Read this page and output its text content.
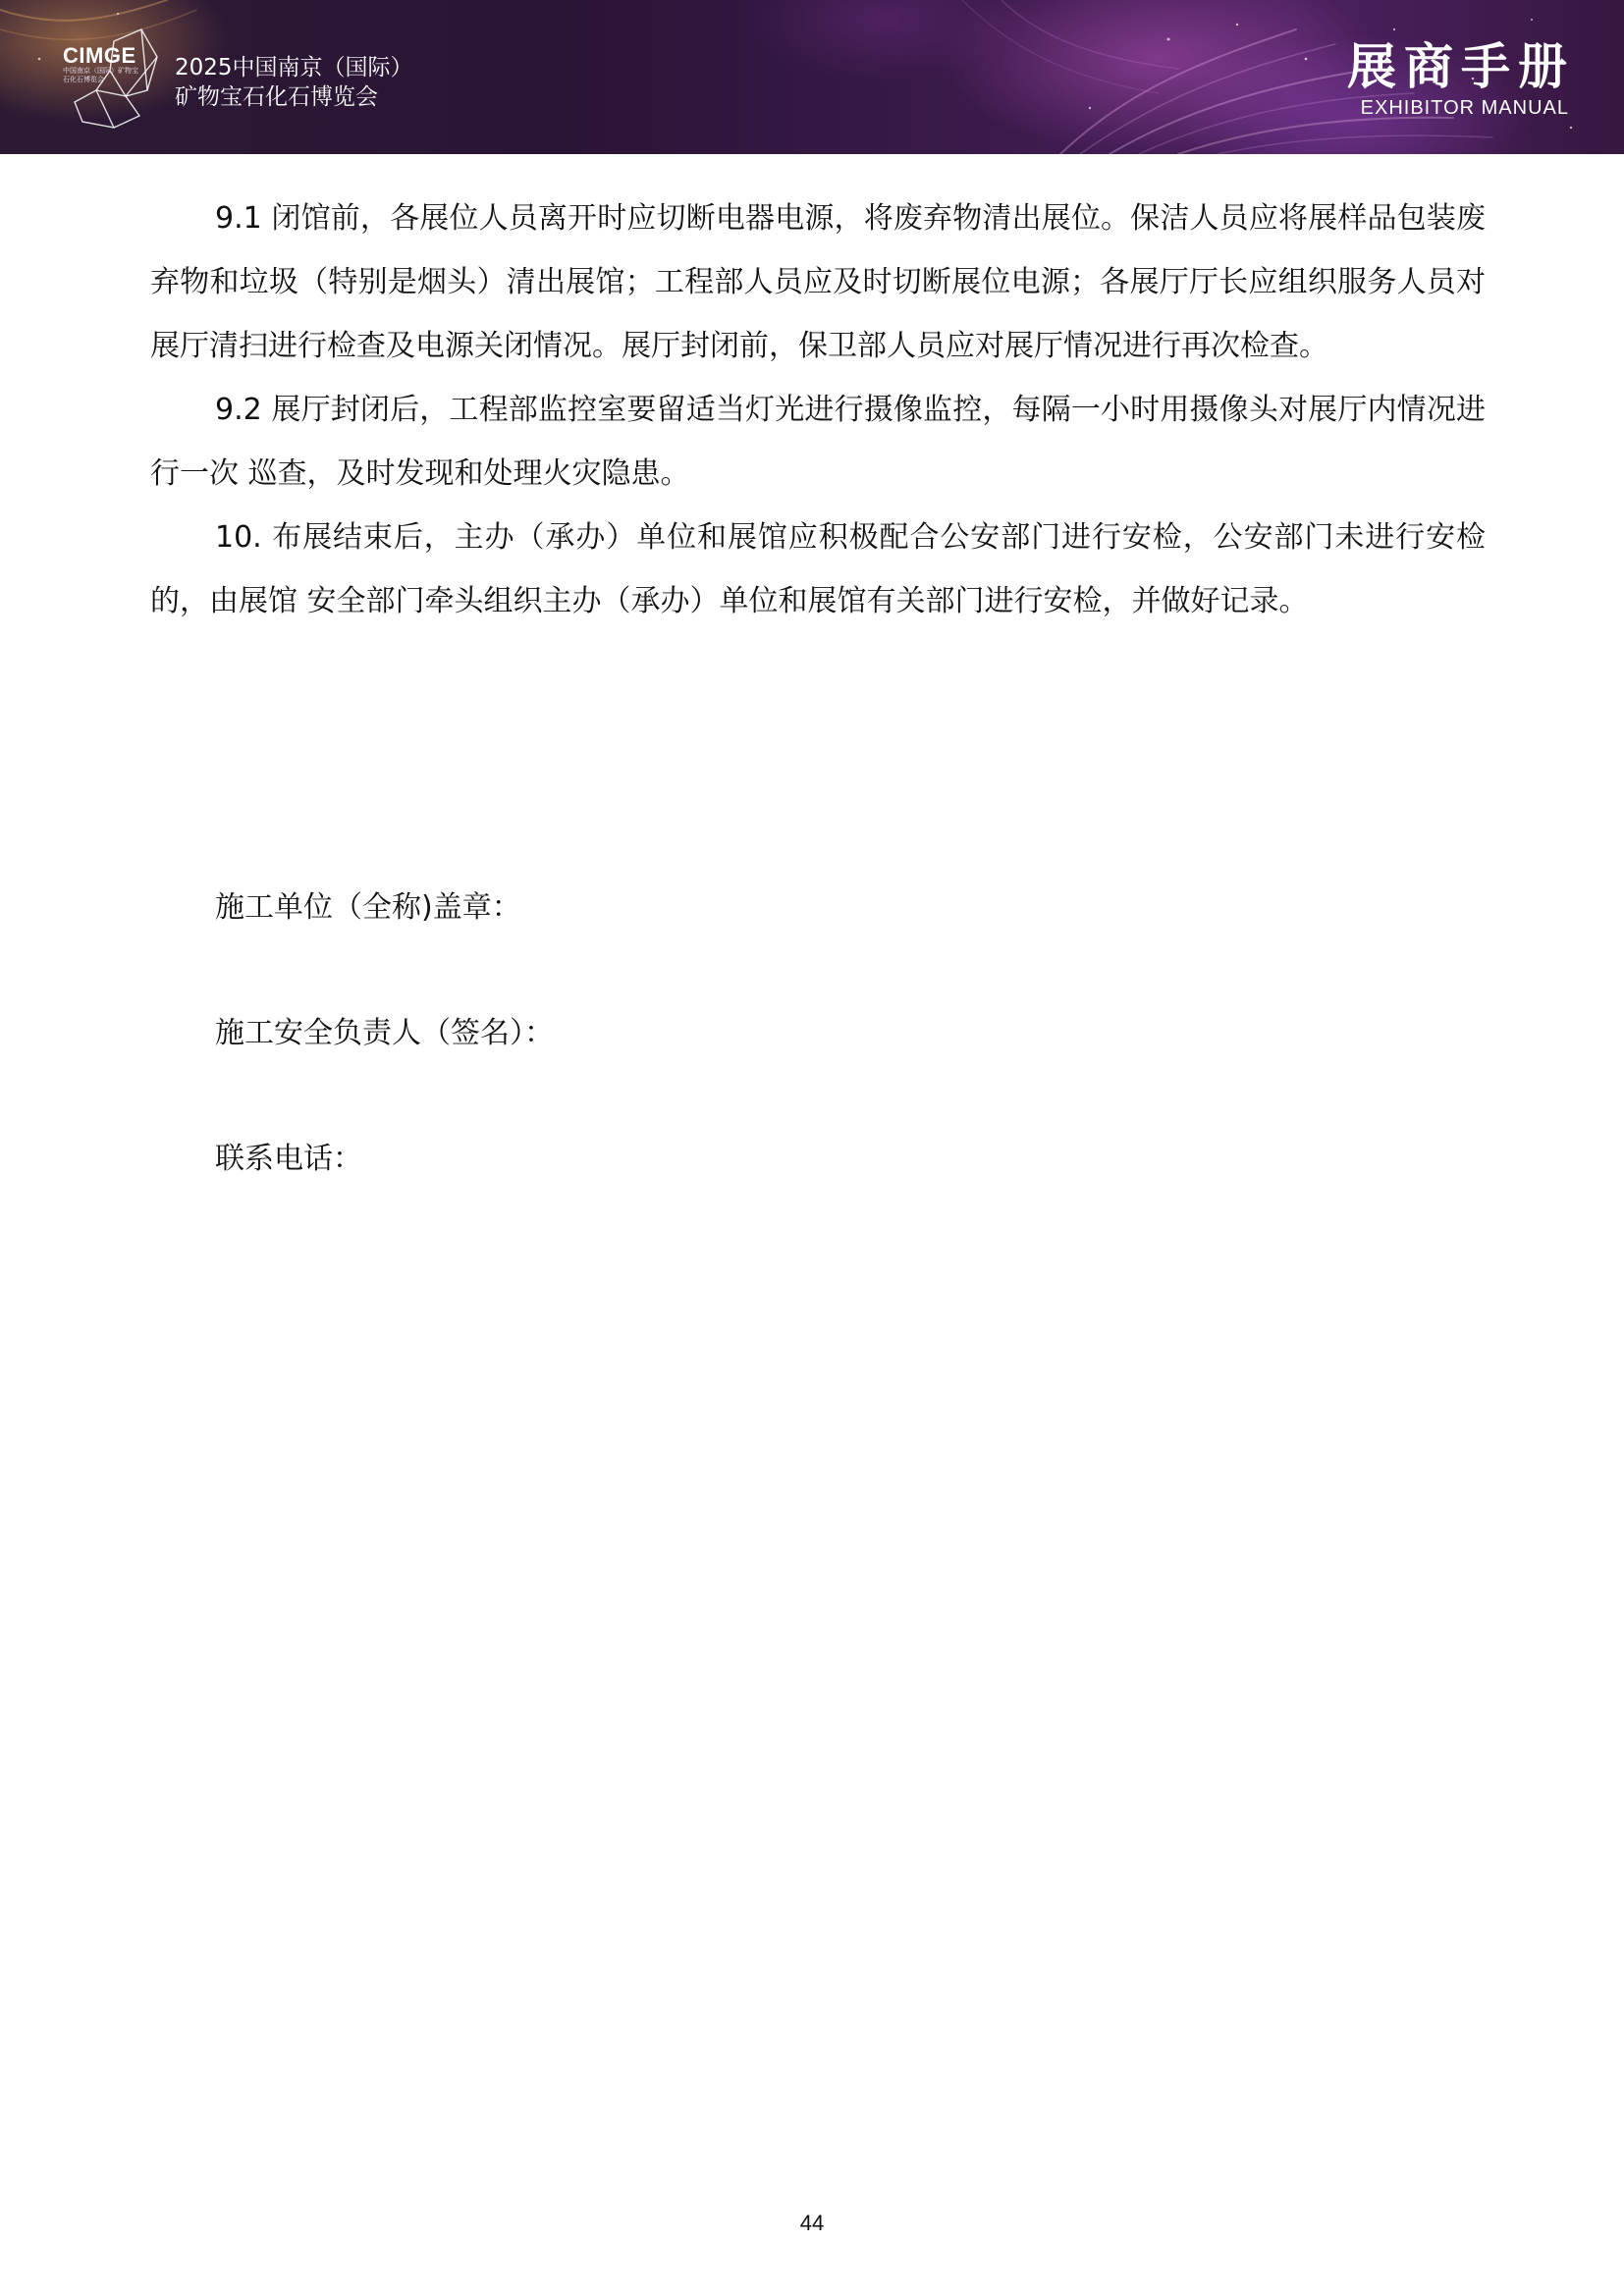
CIMGE
中国南京（国际）矿物宝石化石博览会	2025中国南京（国际）
矿物宝石化石博览会
展商手册
EXHIBITOR MANUAL

9.1 闭馆前，各展位人员离开时应切断电器电源，将废弃物清出展位。保洁人员应将展样品包装废弃物和垃圾（特别是烟头）清出展馆；工程部人员应及时切断展位电源；各展厅厅长应组织服务人员对展厅清扫进行检查及电源关闭情况。展厅封闭前，保卫部人员应对展厅情况进行再次检查。

9.2 展厅封闭后，工程部监控室要留适当灯光进行摄像监控，每隔一小时用摄像头对展厅内情况进行一次 巡查，及时发现和处理火灾隐患。

10. 布展结束后，主办（承办）单位和展馆应积极配合公安部门进行安检，公安部门未进行安检的，由展馆 安全部门牵头组织主办（承办）单位和展馆有关部门进行安检，并做好记录。

施工单位（全称)盖章：
施工安全负责人（签名）：
联系电话：
44
